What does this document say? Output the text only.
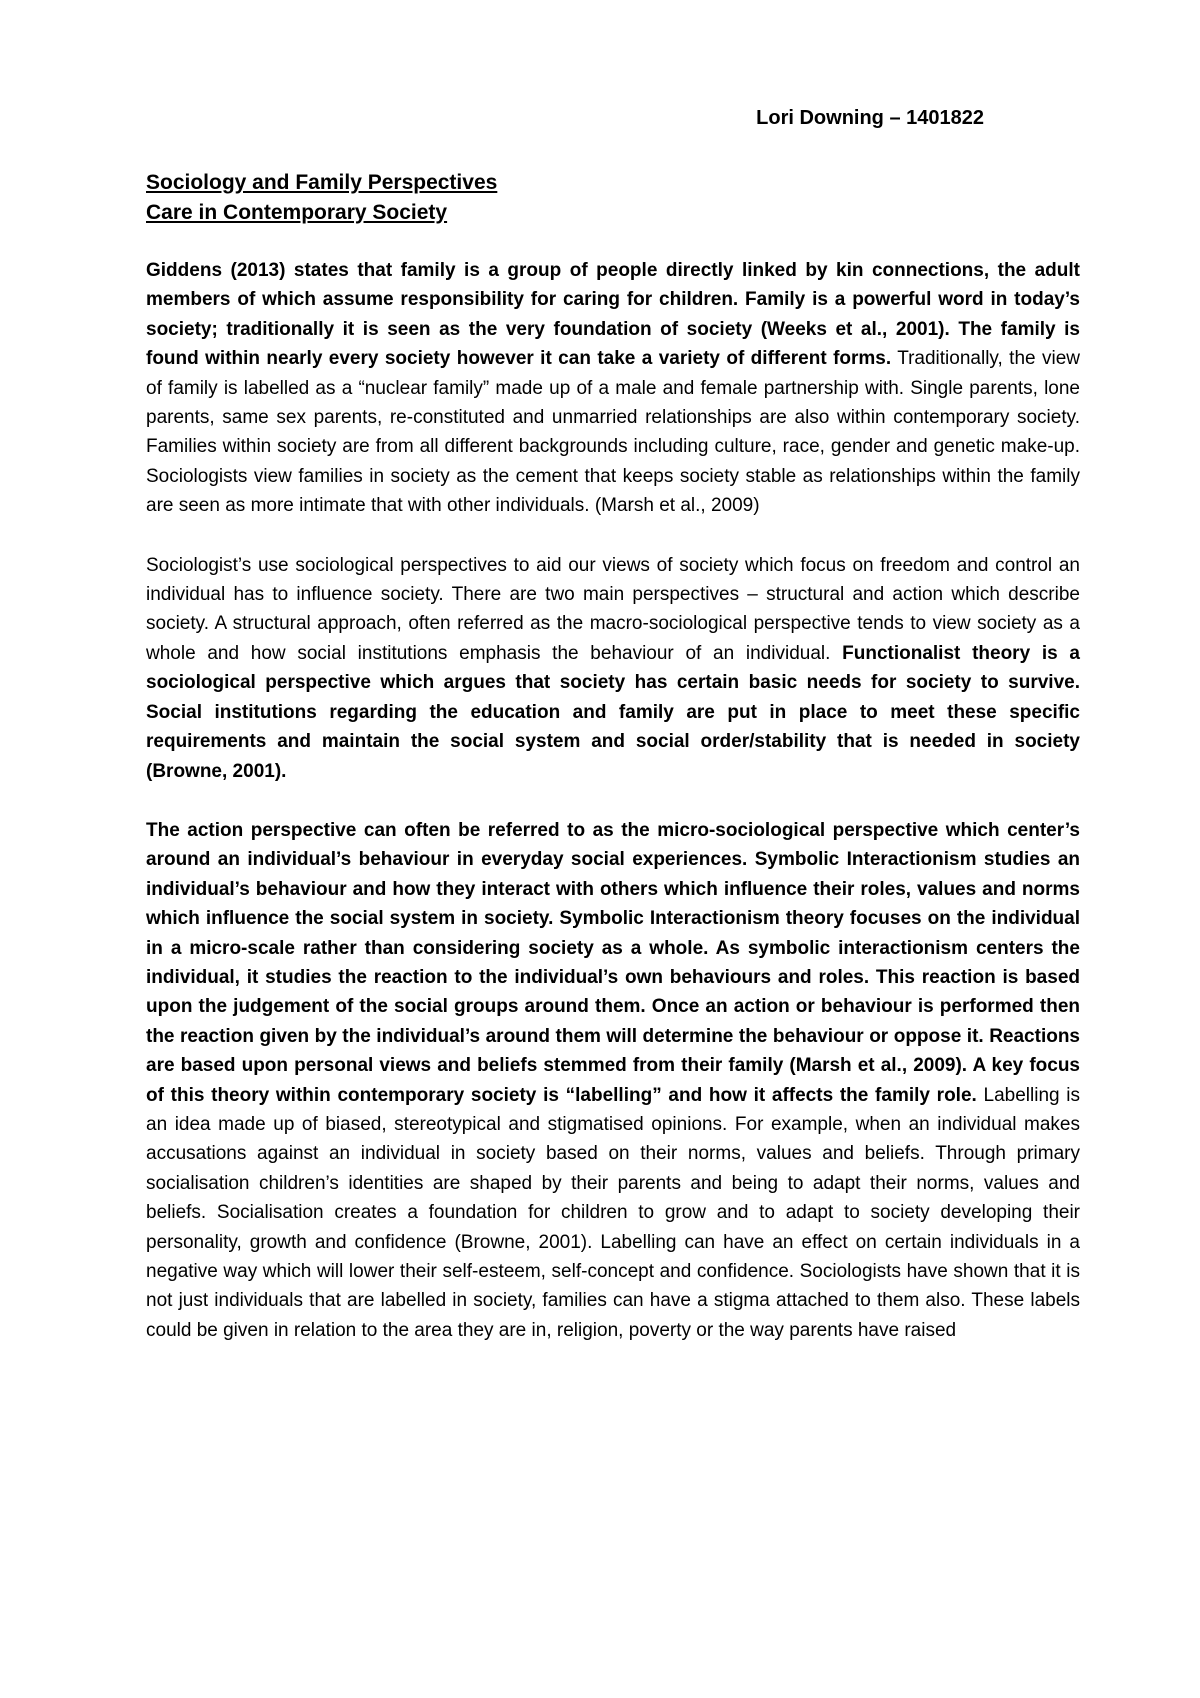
Lori Downing – 1401822
Sociology and Family Perspectives
Care in Contemporary Society

Giddens (2013) states that family is a group of people directly linked by kin connections, the adult members of which assume responsibility for caring for children. Family is a powerful word in today’s society; traditionally it is seen as the very foundation of society (Weeks et al., 2001). The family is found within nearly every society however it can take a variety of different forms. Traditionally, the view of family is labelled as a “nuclear family” made up of a male and female partnership with. Single parents, lone parents, same sex parents, re-constituted and unmarried relationships are also within contemporary society. Families within society are from all different backgrounds including culture, race, gender and genetic make-up. Sociologists view families in society as the cement that keeps society stable as relationships within the family are seen as more intimate that with other individuals. (Marsh et al., 2009)

Sociologist’s use sociological perspectives to aid our views of society which focus on freedom and control an individual has to influence society. There are two main perspectives – structural and action which describe society. A structural approach, often referred as the macro-sociological perspective tends to view society as a whole and how social institutions emphasis the behaviour of an individual. Functionalist theory is a sociological perspective which argues that society has certain basic needs for society to survive. Social institutions regarding the education and family are put in place to meet these specific requirements and maintain the social system and social order/stability that is needed in society (Browne, 2001).

The action perspective can often be referred to as the micro-sociological perspective which center’s around an individual’s behaviour in everyday social experiences. Symbolic Interactionism studies an individual’s behaviour and how they interact with others which influence their roles, values and norms which influence the social system in society. Symbolic Interactionism theory focuses on the individual in a micro-scale rather than considering society as a whole. As symbolic interactionism centers the individual, it studies the reaction to the individual’s own behaviours and roles. This reaction is based upon the judgement of the social groups around them. Once an action or behaviour is performed then the reaction given by the individual’s around them will determine the behaviour or oppose it. Reactions are based upon personal views and beliefs stemmed from their family (Marsh et al., 2009). A key focus of this theory within contemporary society is “labelling” and how it affects the family role. Labelling is an idea made up of biased, stereotypical and stigmatised opinions. For example, when an individual makes accusations against an individual in society based on their norms, values and beliefs. Through primary socialisation children’s identities are shaped by their parents and being to adapt their norms, values and beliefs. Socialisation creates a foundation for children to grow and to adapt to society developing their personality, growth and confidence (Browne, 2001). Labelling can have an effect on certain individuals in a negative way which will lower their self-esteem, self-concept and confidence. Sociologists have shown that it is not just individuals that are labelled in society, families can have a stigma attached to them also. These labels could be given in relation to the area they are in, religion, poverty or the way parents have raised
